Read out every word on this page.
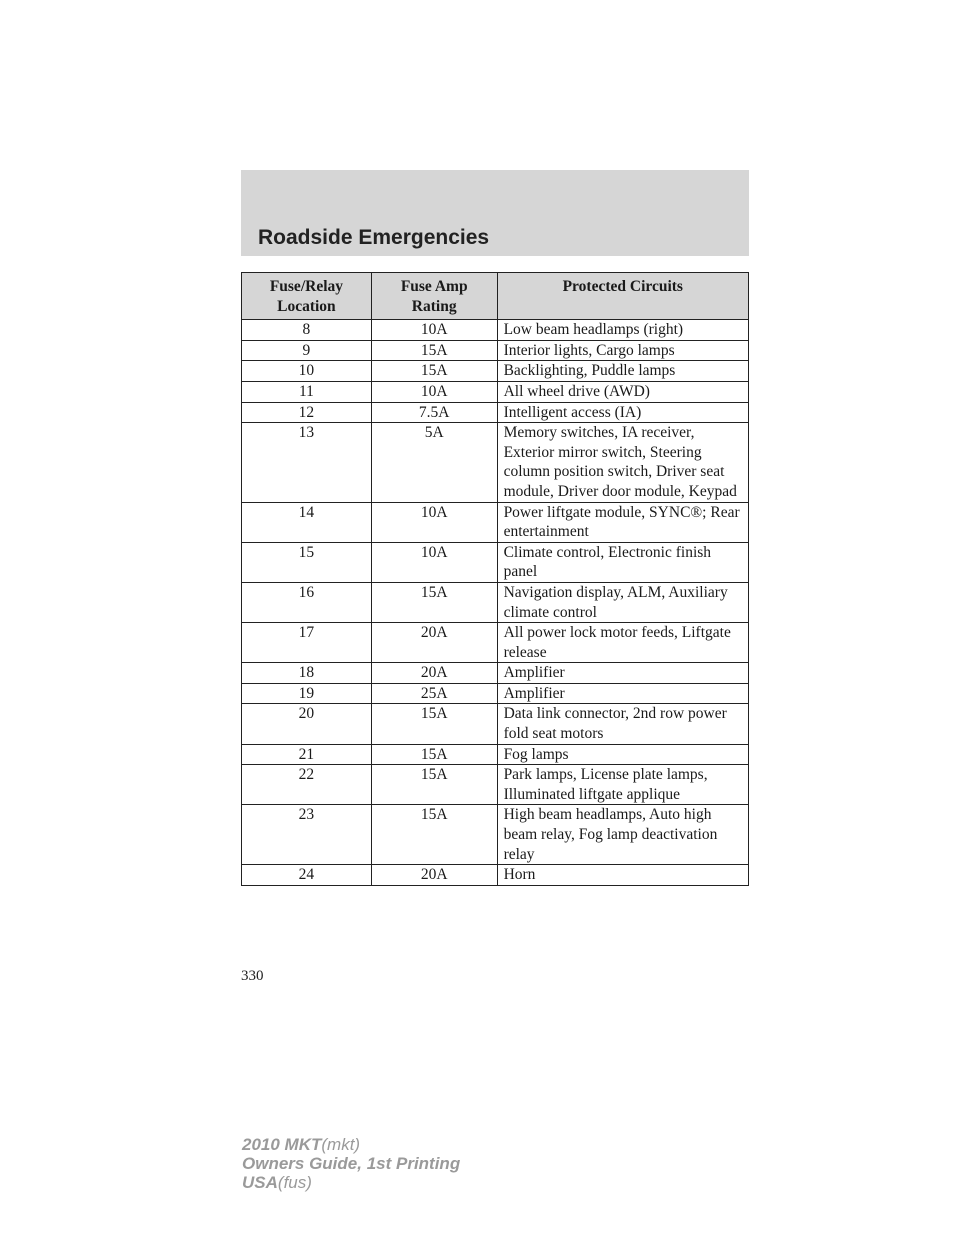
Roadside Emergencies
Fuse/Relay Location	Fuse Amp Rating	Protected Circuits
8	10A	Low beam headlamps (right)
9	15A	Interior lights, Cargo lamps
10	15A	Backlighting, Puddle lamps
11	10A	All wheel drive (AWD)
12	7.5A	Intelligent access (IA)
13	5A	Memory switches, IA receiver, Exterior mirror switch, Steering column position switch, Driver seat module, Driver door module, Keypad
14	10A	Power liftgate module, SYNC®; Rear entertainment
15	10A	Climate control, Electronic finish panel
16	15A	Navigation display, ALM, Auxiliary climate control
17	20A	All power lock motor feeds, Liftgate release
18	20A	Amplifier
19	25A	Amplifier
20	15A	Data link connector, 2nd row power fold seat motors
21	15A	Fog lamps
22	15A	Park lamps, License plate lamps, Illuminated liftgate applique
23	15A	High beam headlamps, Auto high beam relay, Fog lamp deactivation relay
24	20A	Horn
330
2010 MKT(mkt)
Owners Guide, 1st Printing
USA(fus)
